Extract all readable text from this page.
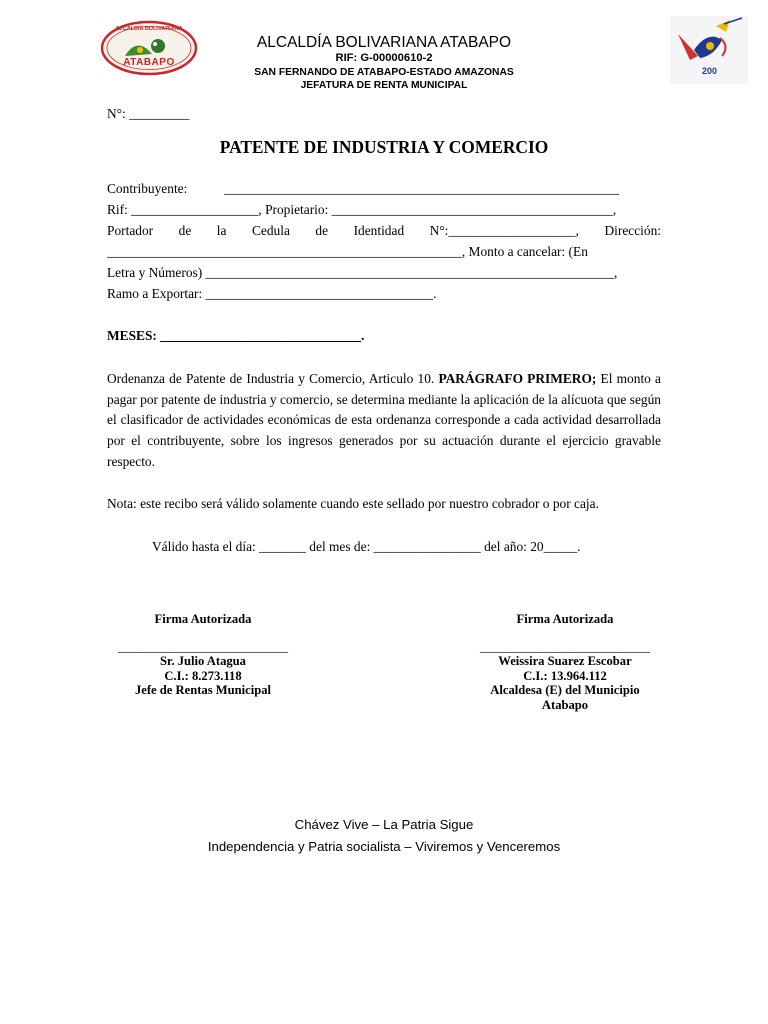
ALCALDÍA BOLIVARIANA
ATABAPO
ALCALDÍA BOLIVARIANA ATABAPO
RIF: G-00000610-2
SAN FERNANDO DE ATABAPO-ESTADO AMAZONAS
JEFATURA DE RENTA MUNICIPAL
200
N°: _________
PATENTE DE INDUSTRIA Y COMERCIO
Contribuyente:	___________________________________________________________
Rif: ___________________, Propietario: __________________________________________,
Portador de la Cedula de Identidad N°:___________________, Dirección:
_____________________________________________________, Monto a cancelar: (En
Letra y Números) _____________________________________________________________,
Ramo a Exportar: __________________________________.
MESES: ______________________________.
Ordenanza de Patente de Industria y Comercio, Articulo 10. PARÁGRAFO PRIMERO; El monto a pagar por patente de industria y comercio, se determina mediante la aplicación de la alícuota que según el clasificador de actividades económicas de esta ordenanza corresponde a cada actividad desarrollada por el contribuyente, sobre los ingresos generados por su actuación durante el ejercicio gravable respecto.
Nota: este recibo será válido solamente cuando este sellado por nuestro cobrador o por caja.
Válido hasta el día: _______ del mes de: ________________ del año: 20_____.
Firma Autorizada
___________________________
Sr. Julio Ataguа
C.I.: 8.273.118
Jefe de Rentas Municipal
Firma Autorizada
___________________________
Weissira Suarez Escobar
C.I.: 13.964.112
Alcaldesa (E) del Municipio
Atabapo
Chávez Vive – La Patria Sigue
Independencia y Patria socialista – Viviremos y Venceremos
